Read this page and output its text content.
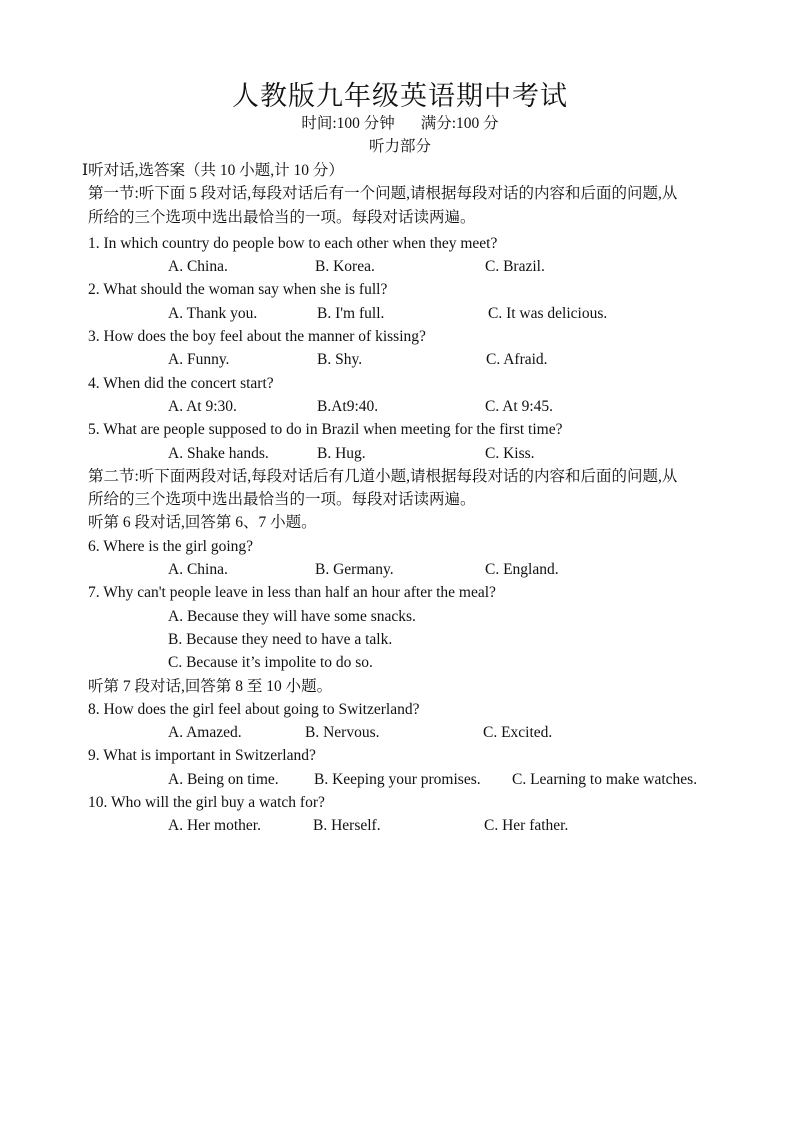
人教版九年级英语期中考试
时间:100 分钟 满分:100 分
听力部分
Ⅰ听对话,选答案（共 10 小题,计 10 分）
第一节:听下面 5 段对话,每段对话后有一个问题,请根据每段对话的内容和后面的问题,从
所给的三个选项中选出最恰当的一项。每段对话读两遍。
1. In which country do people bow to each other when they meet?
A. China.	B. Korea.	C. Brazil.
2. What should the woman say when she is full?
A. Thank you.	B. I'm full.	C. It was delicious.
3. How does the boy feel about the manner of kissing?
A. Funny.	B. Shy.	C. Afraid.
4. When did the concert start?
A. At 9:30.	B.At9:40.	C. At 9:45.
5. What are people supposed to do in Brazil when meeting for the first time?
A. Shake hands.	B. Hug.	C. Kiss.
第二节:听下面两段对话,每段对话后有几道小题,请根据每段对话的内容和后面的问题,从
所给的三个选项中选出最恰当的一项。每段对话读两遍。
听第 6 段对话,回答第 6、7 小题。
6. Where is the girl going?
A. China.	B. Germany.	C. England.
7. Why can't people leave in less than half an hour after the meal?
A. Because they will have some snacks.
B. Because they need to have a talk.
C. Because it’s impolite to do so.
听第 7 段对话,回答第 8 至 10 小题。
8. How does the girl feel about going to Switzerland?
A. Amazed.	B. Nervous.	C. Excited.
9. What is important in Switzerland?
A. Being on time. B. Keeping your promises. C. Learning to make watches.
10. Who will the girl buy a watch for?
A. Her mother.	B. Herself.	C. Her father.
